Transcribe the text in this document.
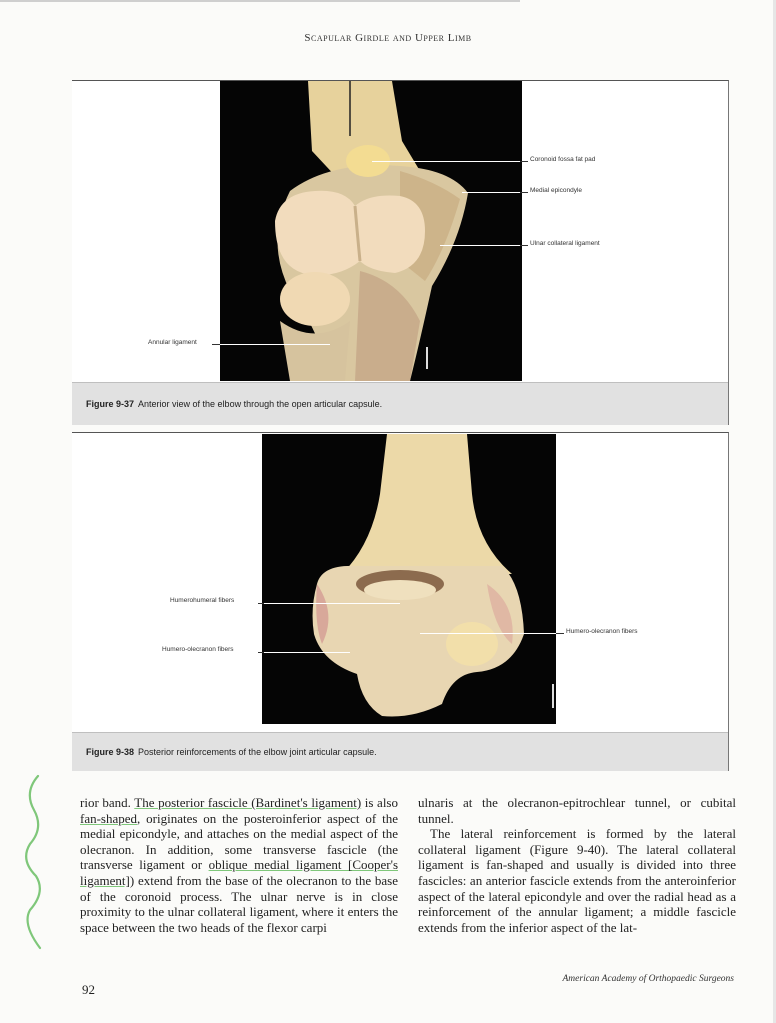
Scapular Girdle and Upper Limb
Coronoid fossa fat pad
Medial epicondyle
Ulnar collateral ligament
Annular ligament
Figure 9-37 Anterior view of the elbow through the open articular capsule.
Humerohumeral fibers
Humero-olecranon fibers
Humero-olecranon fibers
Figure 9-38 Posterior reinforcements of the elbow joint articular capsule.

rior band. The posterior fascicle (Bardinet's ligament) is also fan-shaped, originates on the posteroinferior aspect of the medial epicondyle, and attaches on the medial aspect of the olecranon. In addition, some transverse fascicle (the transverse ligament or oblique medial ligament [Cooper's ligament]) extend from the base of the olecranon to the base of the coronoid process. The ulnar nerve is in close proximity to the ulnar collateral ligament, where it enters the space between the two heads of the flexor carpi

ulnaris at the olecranon-epitrochlear tunnel, or cubital tunnel.

The lateral reinforcement is formed by the lateral collateral ligament (Figure 9-40). The lateral collateral ligament is fan-shaped and usually is divided into three fascicles: an anterior fascicle extends from the anteroinferior aspect of the lateral epicondyle and over the radial head as a reinforcement of the annular ligament; a middle fascicle extends from the inferior aspect of the lat-

92
American Academy of Orthopaedic Surgeons
